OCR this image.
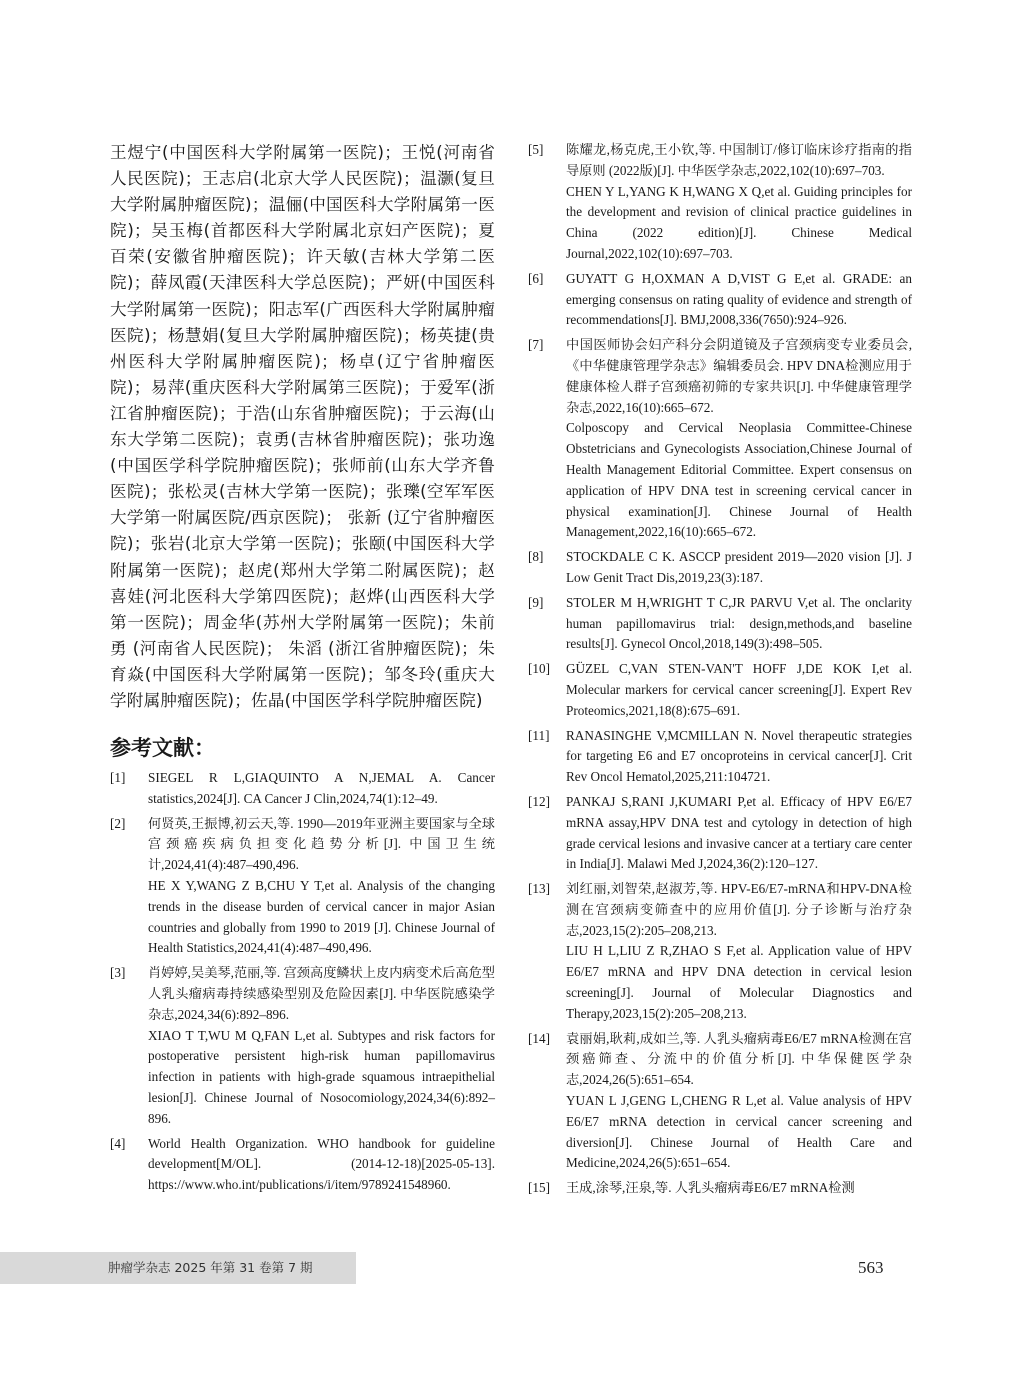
王煜宁(中国医科大学附属第一医院)；王悦(河南省人民医院)；王志启(北京大学人民医院)；温灏(复旦大学附属肿瘤医院)；温俪(中国医科大学附属第一医院)；吴玉梅(首都医科大学附属北京妇产医院)；夏百荣(安徽省肿瘤医院)；许天敏(吉林大学第二医院)；薛凤霞(天津医科大学总医院)；严妍(中国医科大学附属第一医院)；阳志军(广西医科大学附属肿瘤医院)；杨慧娟(复旦大学附属肿瘤医院)；杨英捷(贵州医科大学附属肿瘤医院)；杨卓(辽宁省肿瘤医院)；易萍(重庆医科大学附属第三医院)；于爱军(浙江省肿瘤医院)；于浩(山东省肿瘤医院)；于云海(山东大学第二医院)；袁勇(吉林省肿瘤医院)；张功逸(中国医学科学院肿瘤医院)；张师前(山东大学齐鲁医院)；张松灵(吉林大学第一医院)；张瓅(空军军医大学第一附属医院/西京医院)； 张新 (辽宁省肿瘤医院)；张岩(北京大学第一医院)；张颐(中国医科大学附属第一医院)；赵虎(郑州大学第二附属医院)；赵喜娃(河北医科大学第四医院)；赵烨(山西医科大学第一医院)；周金华(苏州大学附属第一医院)；朱前勇 (河南省人民医院)； 朱滔 (浙江省肿瘤医院)；朱育焱(中国医科大学附属第一医院)；邹冬玲(重庆大学附属肿瘤医院)；佐晶(中国医学科学院肿瘤医院)

参考文献：
[1] SIEGEL R L,GIAQUINTO A N,JEMAL A. Cancer statistics,2024[J]. CA Cancer J Clin,2024,74(1):12–49.
[2] 何贤英,王振博,初云天,等. 1990—2019年亚洲主要国家与全球宫颈癌疾病负担变化趋势分析[J]. 中国卫生统计,2024,41(4):487–490,496.
HE X Y,WANG Z B,CHU Y T,et al. Analysis of the changing trends in the disease burden of cervical cancer in major Asian countries and globally from 1990 to 2019 [J]. Chinese Journal of Health Statistics,2024,41(4):487–490,496.
[3] 肖婷婷,吴美琴,范丽,等. 宫颈高度鳞状上皮内病变术后高危型人乳头瘤病毒持续感染型别及危险因素[J]. 中华医院感染学杂志,2024,34(6):892–896.
XIAO T T,WU M Q,FAN L,et al. Subtypes and risk factors for postoperative persistent high-risk human papillomavirus infection in patients with high-grade squamous intraepithelial lesion[J]. Chinese Journal of Nosocomiology,2024,34(6):892–896.
[4] World Health Organization. WHO handbook for guideline development[M/OL]. (2014-12-18)[2025-05-13]. https://www.who.int/publications/i/item/9789241548960.
[5] 陈耀龙,杨克虎,王小钦,等. 中国制订/修订临床诊疗指南的指导原则 (2022版)[J]. 中华医学杂志,2022,102(10):697–703.
CHEN Y L,YANG K H,WANG X Q,et al. Guiding principles for the development and revision of clinical practice guidelines in China (2022 edition)[J]. Chinese Medical Journal,2022,102(10):697–703.
[6] GUYATT G H,OXMAN A D,VIST G E,et al. GRADE: an emerging consensus on rating quality of evidence and strength of recommendations[J]. BMJ,2008,336(7650):924–926.
[7] 中国医师协会妇产科分会阴道镜及子宫颈病变专业委员会,《中华健康管理学杂志》编辑委员会. HPV DNA检测应用于健康体检人群子宫颈癌初筛的专家共识[J]. 中华健康管理学杂志,2022,16(10):665–672.
Colposcopy and Cervical Neoplasia Committee-Chinese Obstetricians and Gynecologists Association,Chinese Journal of Health Management Editorial Committee. Expert consensus on application of HPV DNA test in screening cervical cancer in physical examination[J]. Chinese Journal of Health Management,2022,16(10):665–672.
[8] STOCKDALE C K. ASCCP president 2019—2020 vision [J]. J Low Genit Tract Dis,2019,23(3):187.
[9] STOLER M H,WRIGHT T C,JR PARVU V,et al. The onclarity human papillomavirus trial: design,methods,and baseline results[J]. Gynecol Oncol,2018,149(3):498–505.
[10] GÜZEL C,VAN STEN-VAN'T HOFF J,DE KOK I,et al. Molecular markers for cervical cancer screening[J]. Expert Rev Proteomics,2021,18(8):675–691.
[11] RANASINGHE V,MCMILLAN N. Novel therapeutic strategies for targeting E6 and E7 oncoproteins in cervical cancer[J]. Crit Rev Oncol Hematol,2025,211:104721.
[12] PANKAJ S,RANI J,KUMARI P,et al. Efficacy of HPV E6/E7 mRNA assay,HPV DNA test and cytology in detection of high grade cervical lesions and invasive cancer at a tertiary care center in India[J]. Malawi Med J,2024,36(2):120–127.
[13] 刘红丽,刘智荣,赵淑芳,等. HPV-E6/E7-mRNA和HPV-DNA检测在宫颈病变筛查中的应用价值[J]. 分子诊断与治疗杂志,2023,15(2):205–208,213.
LIU H L,LIU Z R,ZHAO S F,et al. Application value of HPV E6/E7 mRNA and HPV DNA detection in cervical lesion screening[J]. Journal of Molecular Diagnostics and Therapy,2023,15(2):205–208,213.
[14] 袁丽娟,耿莉,成如兰,等. 人乳头瘤病毒E6/E7 mRNA检测在宫颈癌筛查、分流中的价值分析[J]. 中华保健医学杂志,2024,26(5):651–654.
YUAN L J,GENG L,CHENG R L,et al. Value analysis of HPV E6/E7 mRNA detection in cervical cancer screening and diversion[J]. Chinese Journal of Health Care and Medicine,2024,26(5):651–654.
[15] 王成,涂琴,汪泉,等. 人乳头瘤病毒E6/E7 mRNA检测
肿瘤学杂志 2025 年第 31 卷第 7 期	563
